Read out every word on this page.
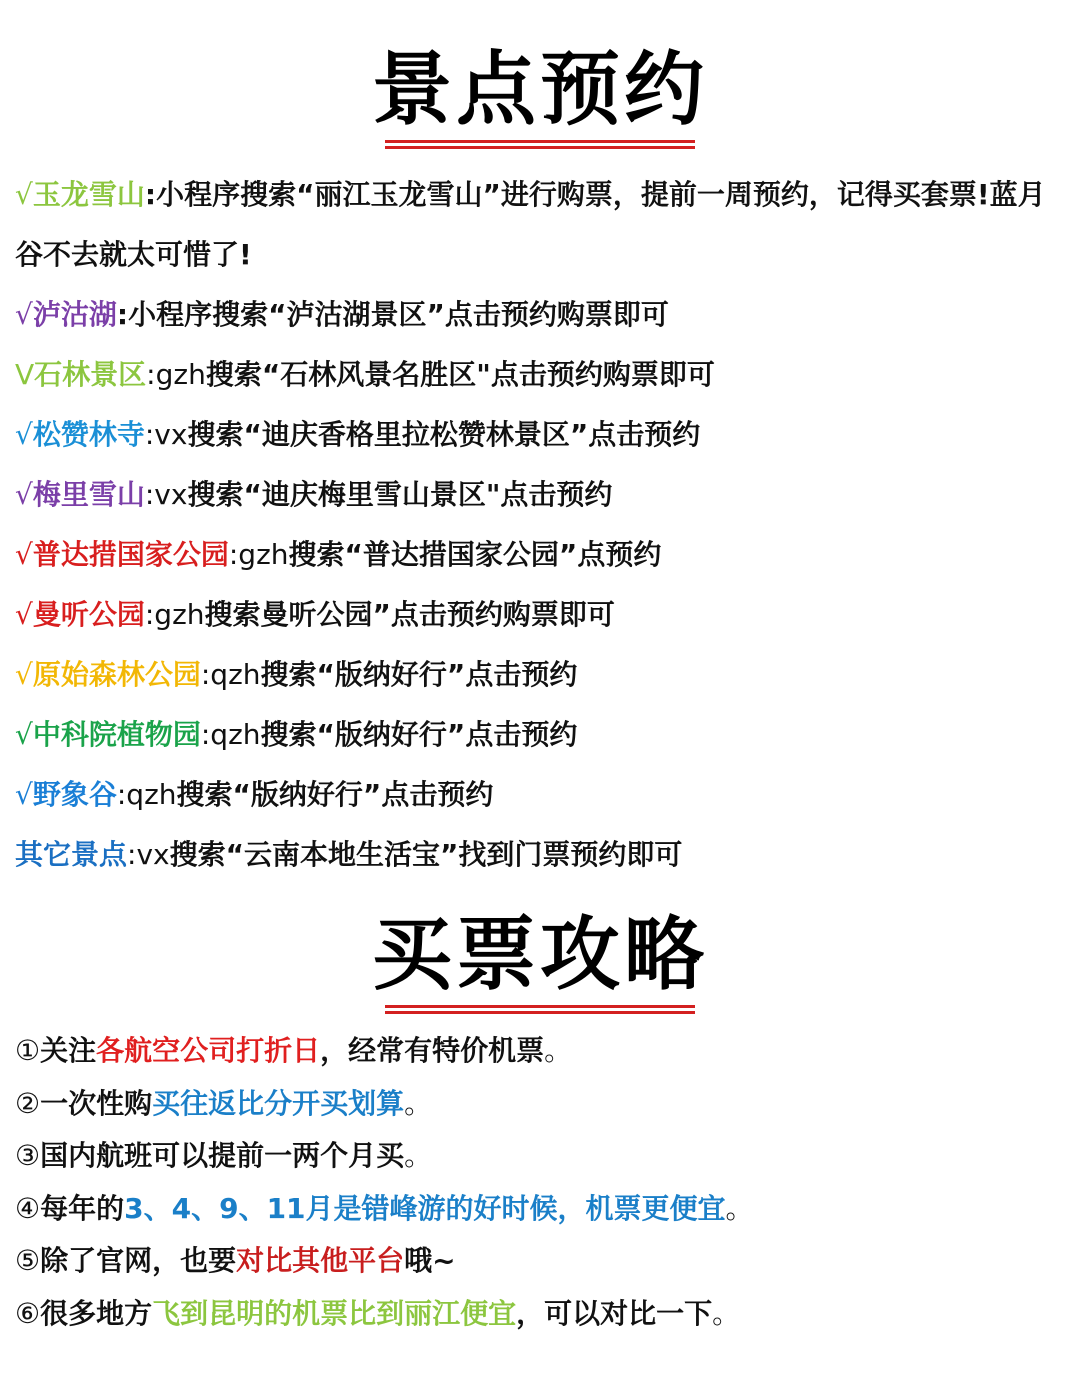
景点预约
√玉龙雪山:小程序搜索“丽江玉龙雪山”进行购票，提前一周预约，记得买套票!蓝月谷不去就太可惜了!
√泸沽湖:小程序搜索“泸沽湖景区”点击预约购票即可
V石林景区:gzh搜索“石林风景名胜区"点击预约购票即可
√松赞林寺:vx搜索“迪庆香格里拉松赞林景区”点击预约
√梅里雪山:vx搜索“迪庆梅里雪山景区"点击预约
√普达措国家公园:gzh搜索“普达措国家公园”点预约
√曼听公园:gzh搜索曼听公园”点击预约购票即可
√原始森林公园:qzh搜索“版纳好行”点击预约
√中科院植物园:qzh搜索“版纳好行”点击预约
√野象谷:qzh搜索“版纳好行”点击预约
其它景点:vx搜索“云南本地生活宝”找到门票预约即可
买票攻略
①关注各航空公司打折日，经常有特价机票。
②一次性购买往返比分开买划算。
③国内航班可以提前一两个月买。
④每年的3、4、9、11月是错峰游的好时候，机票更便宜。
⑤除了官网，也要对比其他平台哦~
⑥很多地方飞到昆明的机票比到丽江便宜，可以对比一下。
